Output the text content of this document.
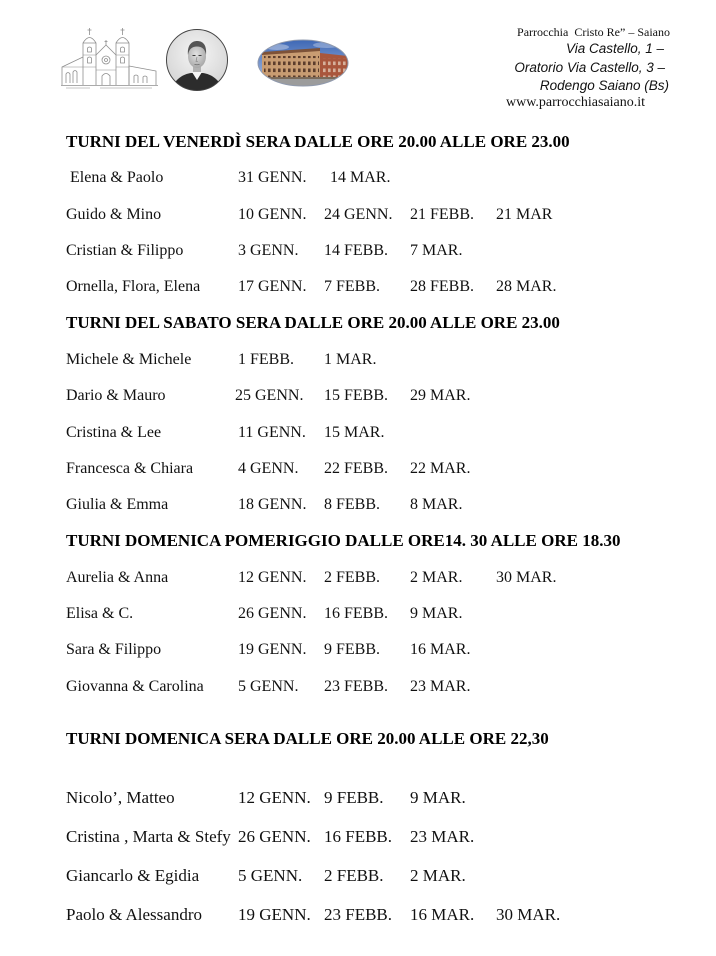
Parrocchia  Cristo Re” – Saiano
Via Castello, 1 –
Oratorio Via Castello, 3 –
Rodengo Saiano (Bs)
www.parrocchiasaiano.it
TURNI DEL VENERDÌ SERA DALLE ORE 20.00 ALLE ORE 23.00
Elena & Paolo	31 GENN.	14 MAR.
Guido & Mino	10 GENN.	24 GENN.	21 FEBB.	21 MAR
Cristian & Filippo	3 GENN.	14 FEBB.	7 MAR.
Ornella, Flora, Elena	17 GENN.	7 FEBB.	28 FEBB.	28 MAR.
TURNI DEL SABATO SERA DALLE ORE 20.00 ALLE ORE 23.00
Michele & Michele	1 FEBB.	1 MAR.
Dario & Mauro	25 GENN.	15 FEBB.	29 MAR.
Cristina & Lee	11 GENN.	15 MAR.
Francesca & Chiara	4 GENN.	22 FEBB.	22 MAR.
Giulia & Emma	18 GENN.	8 FEBB.	8 MAR.
TURNI DOMENICA POMERIGGIO DALLE ORE14. 30 ALLE ORE 18.30
Aurelia & Anna	12 GENN.	2 FEBB.	2 MAR.	30 MAR.
Elisa & C.	26 GENN.	16 FEBB.	9 MAR.
Sara & Filippo	19 GENN.	9 FEBB.	16 MAR.
Giovanna & Carolina	5 GENN.	23 FEBB.	23 MAR.
TURNI DOMENICA SERA DALLE ORE 20.00 ALLE ORE 22,30
Nicolo’, Matteo	12 GENN. 9 FEBB.	9 MAR.
Cristina , Marta & Stefy 26 GENN. 16 FEBB.	23 MAR.
Giancarlo & Egidia	5 GENN.	2 FEBB.	2 MAR.
Paolo & Alessandro	19 GENN. 23 FEBB.	16 MAR.	30 MAR.
